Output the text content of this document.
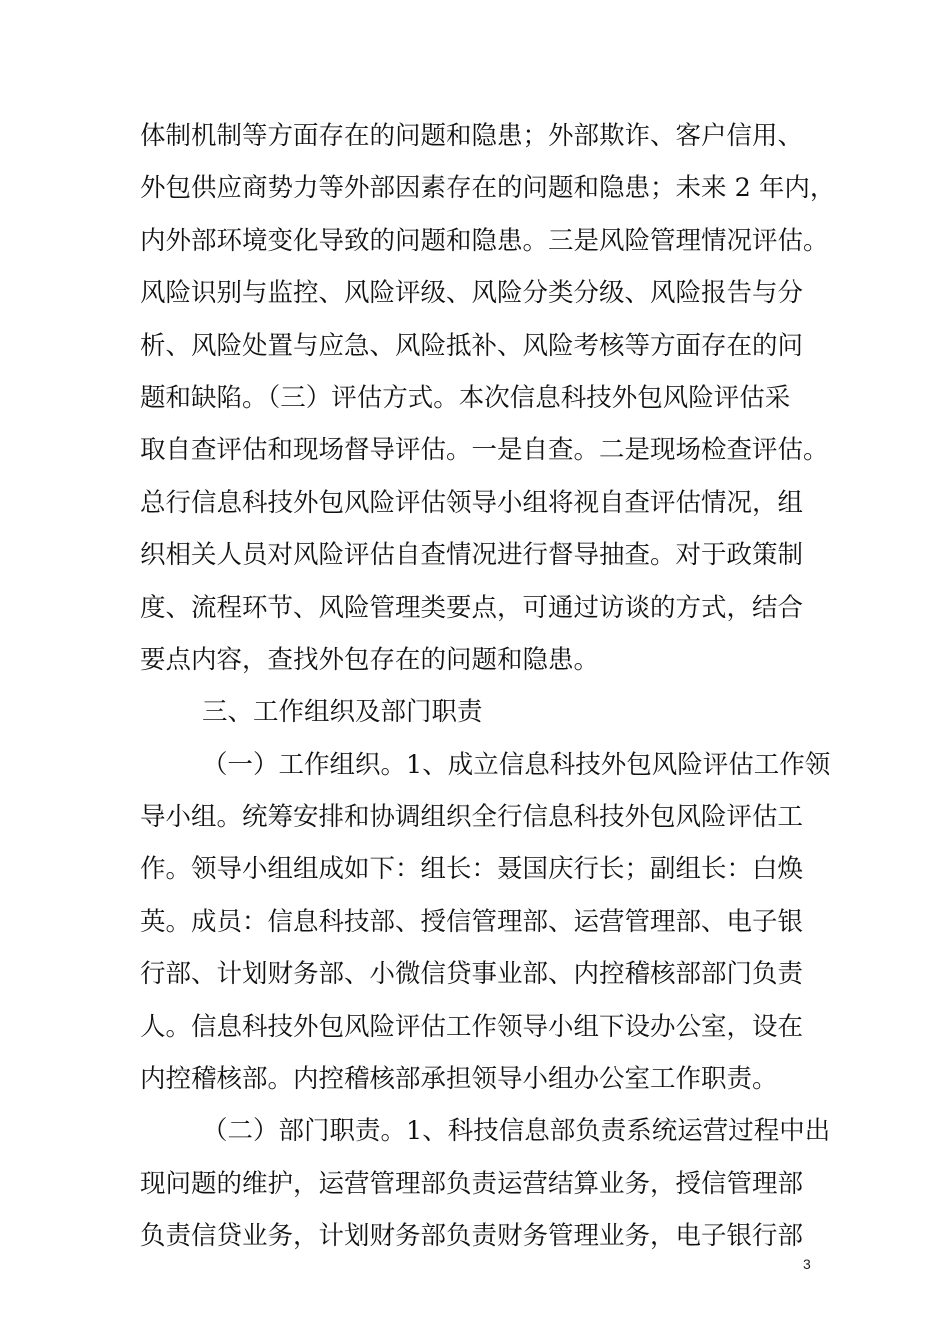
体制机制等方面存在的问题和隐患；外部欺诈、客户信用、
外包供应商势力等外部因素存在的问题和隐患；未来 2 年内，
内外部环境变化导致的问题和隐患。三是风险管理情况评估。
风险识别与监控、风险评级、风险分类分级、风险报告与分
析、风险处置与应急、风险抵补、风险考核等方面存在的问
题和缺陷。（三）评估方式。本次信息科技外包风险评估采
取自查评估和现场督导评估。一是自查。二是现场检查评估。
总行信息科技外包风险评估领导小组将视自查评估情况，组
织相关人员对风险评估自查情况进行督导抽查。对于政策制
度、流程环节、风险管理类要点，可通过访谈的方式，结合
要点内容，查找外包存在的问题和隐患。
三、工作组织及部门职责
（一）工作组织。1、成立信息科技外包风险评估工作领
导小组。统筹安排和协调组织全行信息科技外包风险评估工
作。领导小组组成如下：组长：聂国庆行长；副组长：白焕
英。成员：信息科技部、授信管理部、运营管理部、电子银
行部、计划财务部、小微信贷事业部、内控稽核部部门负责
人。信息科技外包风险评估工作领导小组下设办公室，设在
内控稽核部。内控稽核部承担领导小组办公室工作职责。
（二）部门职责。1、科技信息部负责系统运营过程中出
现问题的维护，运营管理部负责运营结算业务，授信管理部
负责信贷业务，计划财务部负责财务管理业务，电子银行部
3
